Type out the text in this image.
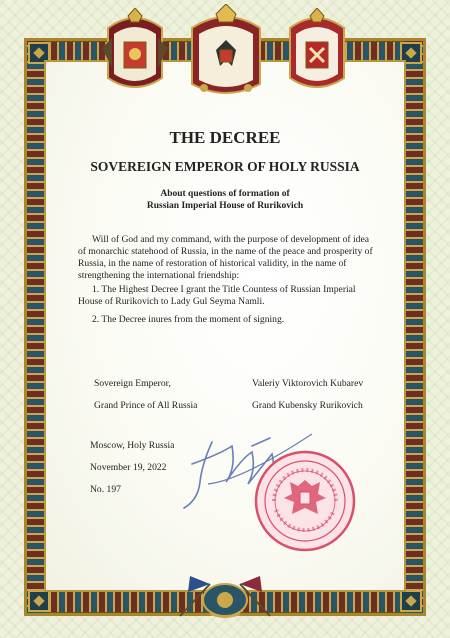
THE DECREE
SOVEREIGN EMPEROR OF HOLY RUSSIA
About questions of formation of
Russian Imperial House of Rurikovich
Will of God and my command, with the purpose of development of idea of monarchic statehood of Russia, in the name of the peace and prosperity of Russia, in the name of restoration of historical validity, in the name of strengthening the international friendship:
1. The Highest Decree I grant the Title Countess of Russian Imperial House of Rurikovich to Lady Gul Seyma Namli.
2. The Decree inures from the moment of signing.
Sovereign Emperor,
Grand Prince of All Russia
Valeriy Viktorovich Kubarev
Grand Kubensky Rurikovich
Moscow, Holy Russia
November 19, 2022
No. 197
